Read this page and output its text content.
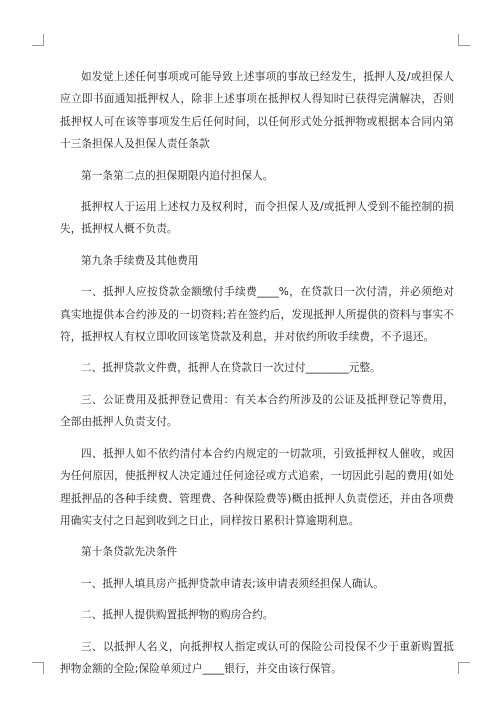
如发觉上述任何事项或可能导致上述事项的事故已经发生，抵押人及/或担保人应立即书面通知抵押权人，除非上述事项在抵押权人得知时已获得完满解决，否则抵押权人可在该等事项发生后任何时间，以任何形式处分抵押物或根据本合同内第十三条担保人及担保人责任条款

第一条第二点的担保期限内追付担保人。

抵押权人于运用上述权力及权利时，而令担保人及/或抵押人受到不能控制的损失，抵押权人概不负责。

第九条手续费及其他费用

一、抵押人应按贷款金额缴付手续费____%，在贷款日一次付清，并必须绝对真实地提供本合约涉及的一切资料;若在签约后，发现抵押人所提供的资料与事实不符，抵押权人有权立即收回该笔贷款及利息，并对依约所收手续费，不予退还。

二、抵押贷款文件费，抵押人在贷款日一次过付________元整。

三、公证费用及抵押登记费用：有关本合约所涉及的公证及抵押登记等费用，全部由抵押人负责支付。

四、抵押人如不依约清付本合约内规定的一切款项，引致抵押权人催收，或因为任何原因，使抵押权人决定通过任何途径或方式追索，一切因此引起的费用(如处理抵押品的各种手续费、管理费、各种保险费等)概由抵押人负责偿还，并由各项费用确实支付之日起到收到之日止，同样按日累积计算逾期利息。

第十条贷款先决条件

一、抵押人填具房产抵押贷款申请表;该申请表须经担保人确认。

二、抵押人提供购置抵押物的购房合约。

三、以抵押人名义，向抵押权人指定或认可的保险公司投保不少于重新购置抵押物金额的全险;保险单须过户____银行，并交由该行保管。
